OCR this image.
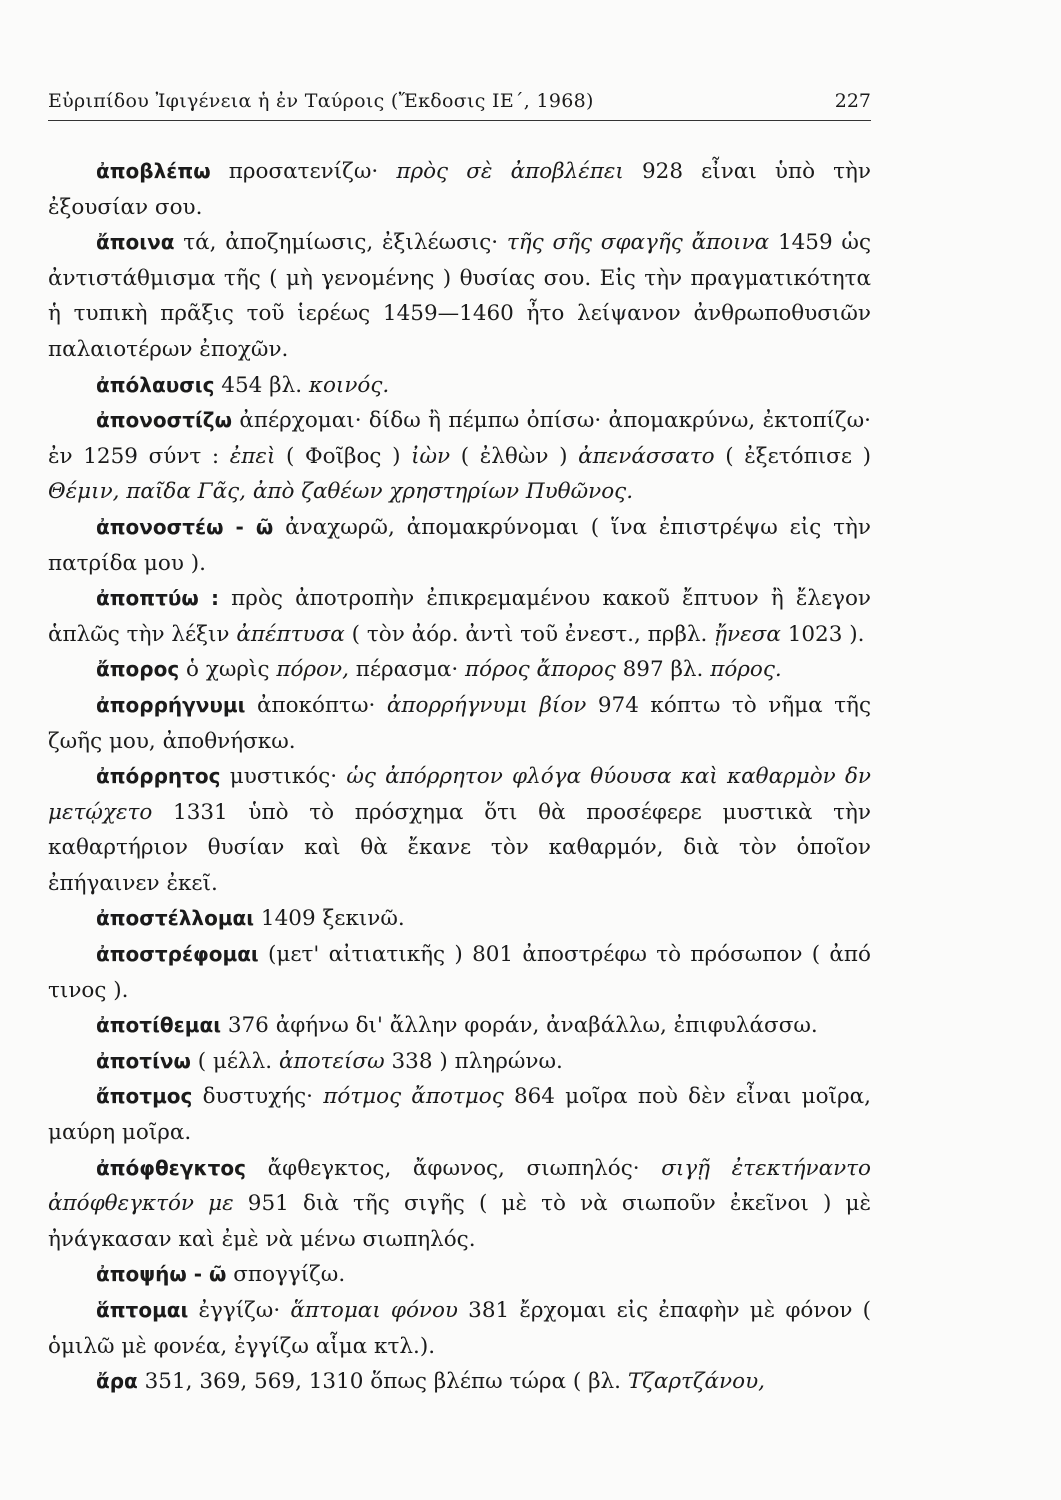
Εὐριπίδου Ἰφιγένεια ἡ ἐν Ταύροις (Ἔκδοσις ΙΕ΄, 1968)	227

ἀποβλέπω προσατενίζω· πρὸς σὲ ἀποβλέπει 928 εἶναι ὑπὸ τὴν ἐξουσίαν σου.

ἄποινα τά, ἀποζημίωσις, ἐξιλέωσις· τῆς σῆς σφαγῆς ἄποινα 1459 ὡς ἀντιστάθμισμα τῆς ( μὴ γενομένης ) θυσίας σου. Εἰς τὴν πραγματικότητα ἡ τυπικὴ πρᾶξις τοῦ ἱερέως 1459—1460 ἦτο λείψανον ἀνθρωποθυσιῶν παλαιοτέρων ἐποχῶν.

ἀπόλαυσις 454 βλ. κοινός.

ἀπονοστίζω ἀπέρχομαι· δίδω ἢ πέμπω ὀπίσω· ἀπομακρύνω, ἐκτοπίζω· ἐν 1259 σύντ : ἐπεὶ ( Φοῖβος ) ἰὼν ( ἐλθὼν ) ἀπενάσσατο ( ἐξετόπισε ) Θέμιν, παῖδα Γᾶς, ἀπὸ ζαθέων χρηστηρίων Πυθῶνος.

ἀπονοστέω - ῶ ἀναχωρῶ, ἀπομακρύνομαι ( ἵνα ἐπιστρέψω εἰς τὴν πατρίδα μου ).

ἀποπτύω : πρὸς ἀποτροπὴν ἐπικρεμαμένου κακοῦ ἔπτυον ἢ ἔλεγον ἁπλῶς τὴν λέξιν ἀπέπτυσα ( τὸν ἀόρ. ἀντὶ τοῦ ἐνεστ., πρβλ. ᾔνεσα 1023 ).

ἄπορος ὁ χωρὶς πόρον, πέρασμα· πόρος ἄπορος 897 βλ. πόρος.

ἀπορρήγνυμι ἀποκόπτω· ἀπορρήγνυμι βίον 974 κόπτω τὸ νῆμα τῆς ζωῆς μου, ἀποθνήσκω.

ἀπόρρητος μυστικός· ὡς ἀπόρρητον φλόγα θύουσα καὶ καθαρμὸν δν μετῴχετο 1331 ὑπὸ τὸ πρόσχημα ὅτι θὰ προσέφερε μυστικὰ τὴν καθαρτήριον θυσίαν καὶ θὰ ἔκανε τὸν καθαρμόν, διὰ τὸν ὁποῖον ἐπήγαινεν ἐκεῖ.

ἀποστέλλομαι 1409 ξεκινῶ.

ἀποστρέφομαι (μετ' αἰτιατικῆς ) 801 ἀποστρέφω τὸ πρόσωπον ( ἀπό τινος ).

ἀποτίθεμαι 376 ἀφήνω δι' ἄλλην φοράν, ἀναβάλλω, ἐπιφυλάσσω.

ἀποτίνω ( μέλλ. ἀποτείσω 338 ) πληρώνω.

ἄποτμος δυστυχής· πότμος ἄποτμος 864 μοῖρα ποὺ δὲν εἶναι μοῖρα, μαύρη μοῖρα.

ἀπόφθεγκτος ἄφθεγκτος, ἄφωνος, σιωπηλός· σιγῇ ἐτεκτήναντο ἀπόφθεγκτόν με 951 διὰ τῆς σιγῆς ( μὲ τὸ νὰ σιωποῦν ἐκεῖνοι ) μὲ ἠνάγκασαν καὶ ἐμὲ νὰ μένω σιωπηλός.

ἀποψήω - ῶ σπογγίζω.

ἅπτομαι ἐγγίζω· ἅπτομαι φόνου 381 ἔρχομαι εἰς ἐπαφὴν μὲ φόνον ( ὁμιλῶ μὲ φονέα, ἐγγίζω αἷμα κτλ.).

ἄρα 351, 369, 569, 1310 ὅπως βλέπω τώρα ( βλ. Τζαρτζάνου,
